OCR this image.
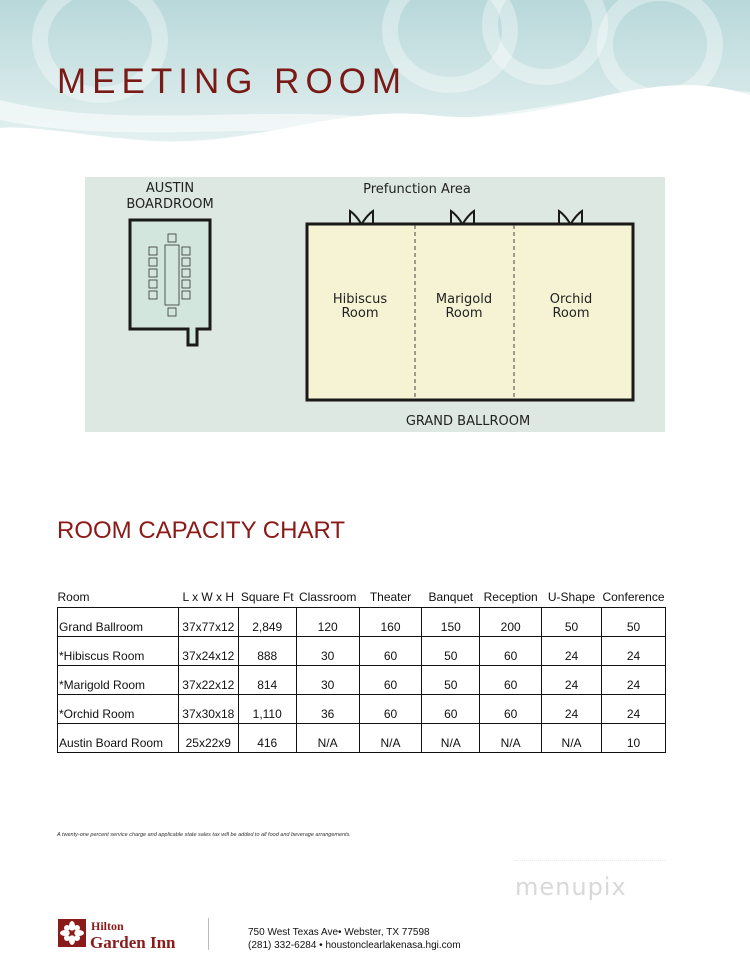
MEETING ROOM
AUSTIN
BOARDROOM
Prefunction Area
Hibiscus
Room
Marigold
Room
Orchid
Room
GRAND BALLROOM
ROOM CAPACITY CHART
Room	L x W x H	Square Ft	Classroom	Theater	Banquet	Reception	U-Shape	Conference
Grand Ballroom	37x77x12	2,849	120	160	150	200	50	50
*Hibiscus Room	37x24x12	888	30	60	50	60	24	24
*Marigold Room	37x22x12	814	30	60	50	60	24	24
*Orchid Room	37x30x18	1,110	36	60	60	60	24	24
Austin Board Room	25x22x9	416	N/A	N/A	N/A	N/A	N/A	10
A twenty-one percent service charge and applicable state sales tax will be added to all food and beverage arrangements.
menupix
Hilton
Garden Inn
750 West Texas Ave• Webster, TX 77598
(281) 332-6284 • houstonclearlakenasa.hgi.com
